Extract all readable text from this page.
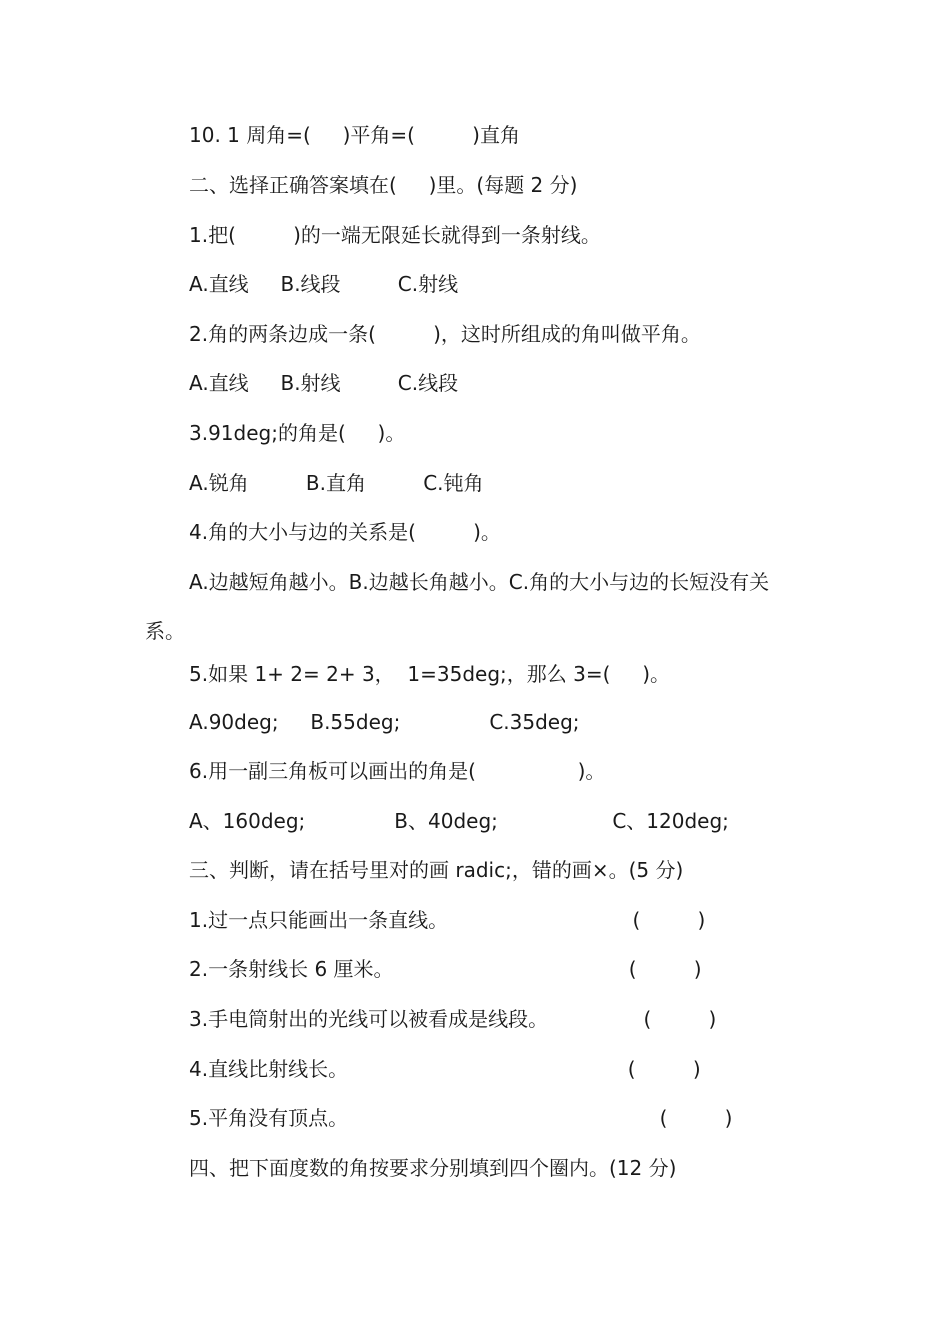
10. 1 周角=(     )平角=(         )直角
二、选择正确答案填在(     )里。(每题 2 分)
1.把(         )的一端无限延长就得到一条射线。
A.直线     B.线段         C.射线
2.角的两条边成一条(         )，这时所组成的角叫做平角。
A.直线     B.射线         C.线段
3.91deg;的角是(     )。
A.锐角         B.直角         C.钝角
4.角的大小与边的关系是(         )。
A.边越短角越小。B.边越长角越小。C.角的大小与边的长短没有关
系。
5.如果 1+ 2= 2+ 3，  1=35deg;，那么 3=(     )。
A.90deg;     B.55deg;              C.35deg;
6.用一副三角板可以画出的角是(                )。
A、160deg;              B、40deg;                  C、120deg;
三、判断，请在括号里对的画 radic;，错的画×。(5 分)
1.过一点只能画出一条直线。                             (         )
2.一条射线长 6 厘米。                                     (         )
3.手电筒射出的光线可以被看成是线段。               (         )
4.直线比射线长。                                            (         )
5.平角没有顶点。                                                 (         )
四、把下面度数的角按要求分别填到四个圈内。(12 分)
